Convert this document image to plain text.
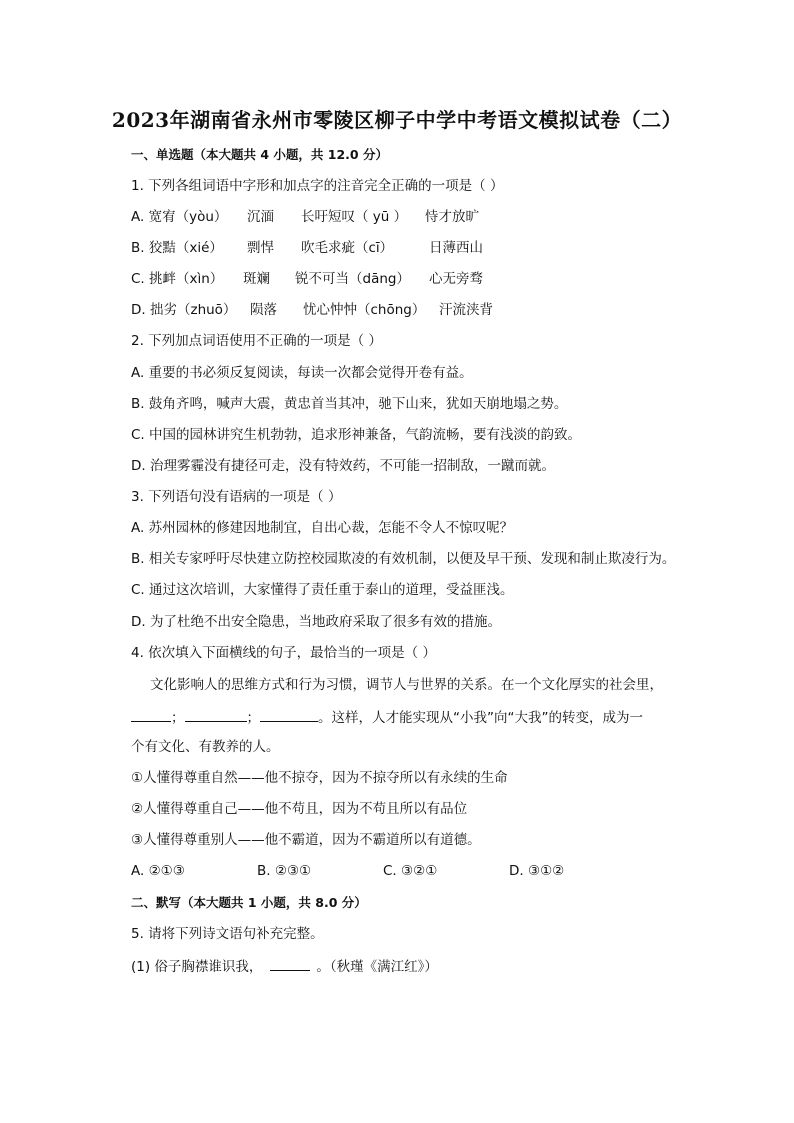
2023年湖南省永州市零陵区柳子中学中考语文模拟试卷（二）
一、单选题（本大题共 4 小题，共 12.0 分）
1. 下列各组词语中字形和加点字的注音完全正确的一项是（ ）
A. 宽宥（yòu） 沉湎 长吁短叹（ yū ） 恃才放旷
B. 狡黠（xié） 剽悍 吹毛求疵（cī）	日薄西山
C. 挑衅（xìn） 斑斓 锐不可当（dāng） 心无旁骛
D. 拙劣（zhuō） 陨落 忧心忡忡（chōng） 汗流浃背
2. 下列加点词语使用不正确的一项是（ ）
A. 重要的书必须反复阅读，每读一次都会觉得开卷有益。
B. 鼓角齐鸣，喊声大震，黄忠首当其冲，驰下山来，犹如天崩地塌之势。
C. 中国的园林讲究生机勃勃，追求形神兼备，气韵流畅，要有浅淡的韵致。
D. 治理雾霾没有捷径可走，没有特效药，不可能一招制敌，一蹴而就。
3. 下列语句没有语病的一项是（ ）
A. 苏州园林的修建因地制宜，自出心裁，怎能不令人不惊叹呢？
B. 相关专家呼吁尽快建立防控校园欺凌的有效机制，以便及早干预、发现和制止欺凌行为。
C. 通过这次培训，大家懂得了责任重于泰山的道理，受益匪浅。
D. 为了杜绝不出安全隐患，当地政府采取了很多有效的措施。
4. 依次填入下面横线的句子，最恰当的一项是（ ）
文化影响人的思维方式和行为习惯，调节人与世界的关系。在一个文化厚实的社会里，
；	；	。这样，人才能实现从“小我”向“大我”的转变，成为一
个有文化、有教养的人。
①人懂得尊重自然——他不掠夺，因为不掠夺所以有永续的生命
②人懂得尊重自己——他不苟且，因为不苟且所以有品位
③人懂得尊重别人——他不霸道，因为不霸道所以有道德。
A. ②①③	B. ②③①	C. ③②①	D. ③①②
二、默写（本大题共 1 小题，共 8.0 分）
5. 请将下列诗文语句补充完整。
(1) 俗子胸襟谁识我，	。（秋瑾《满江红》）
